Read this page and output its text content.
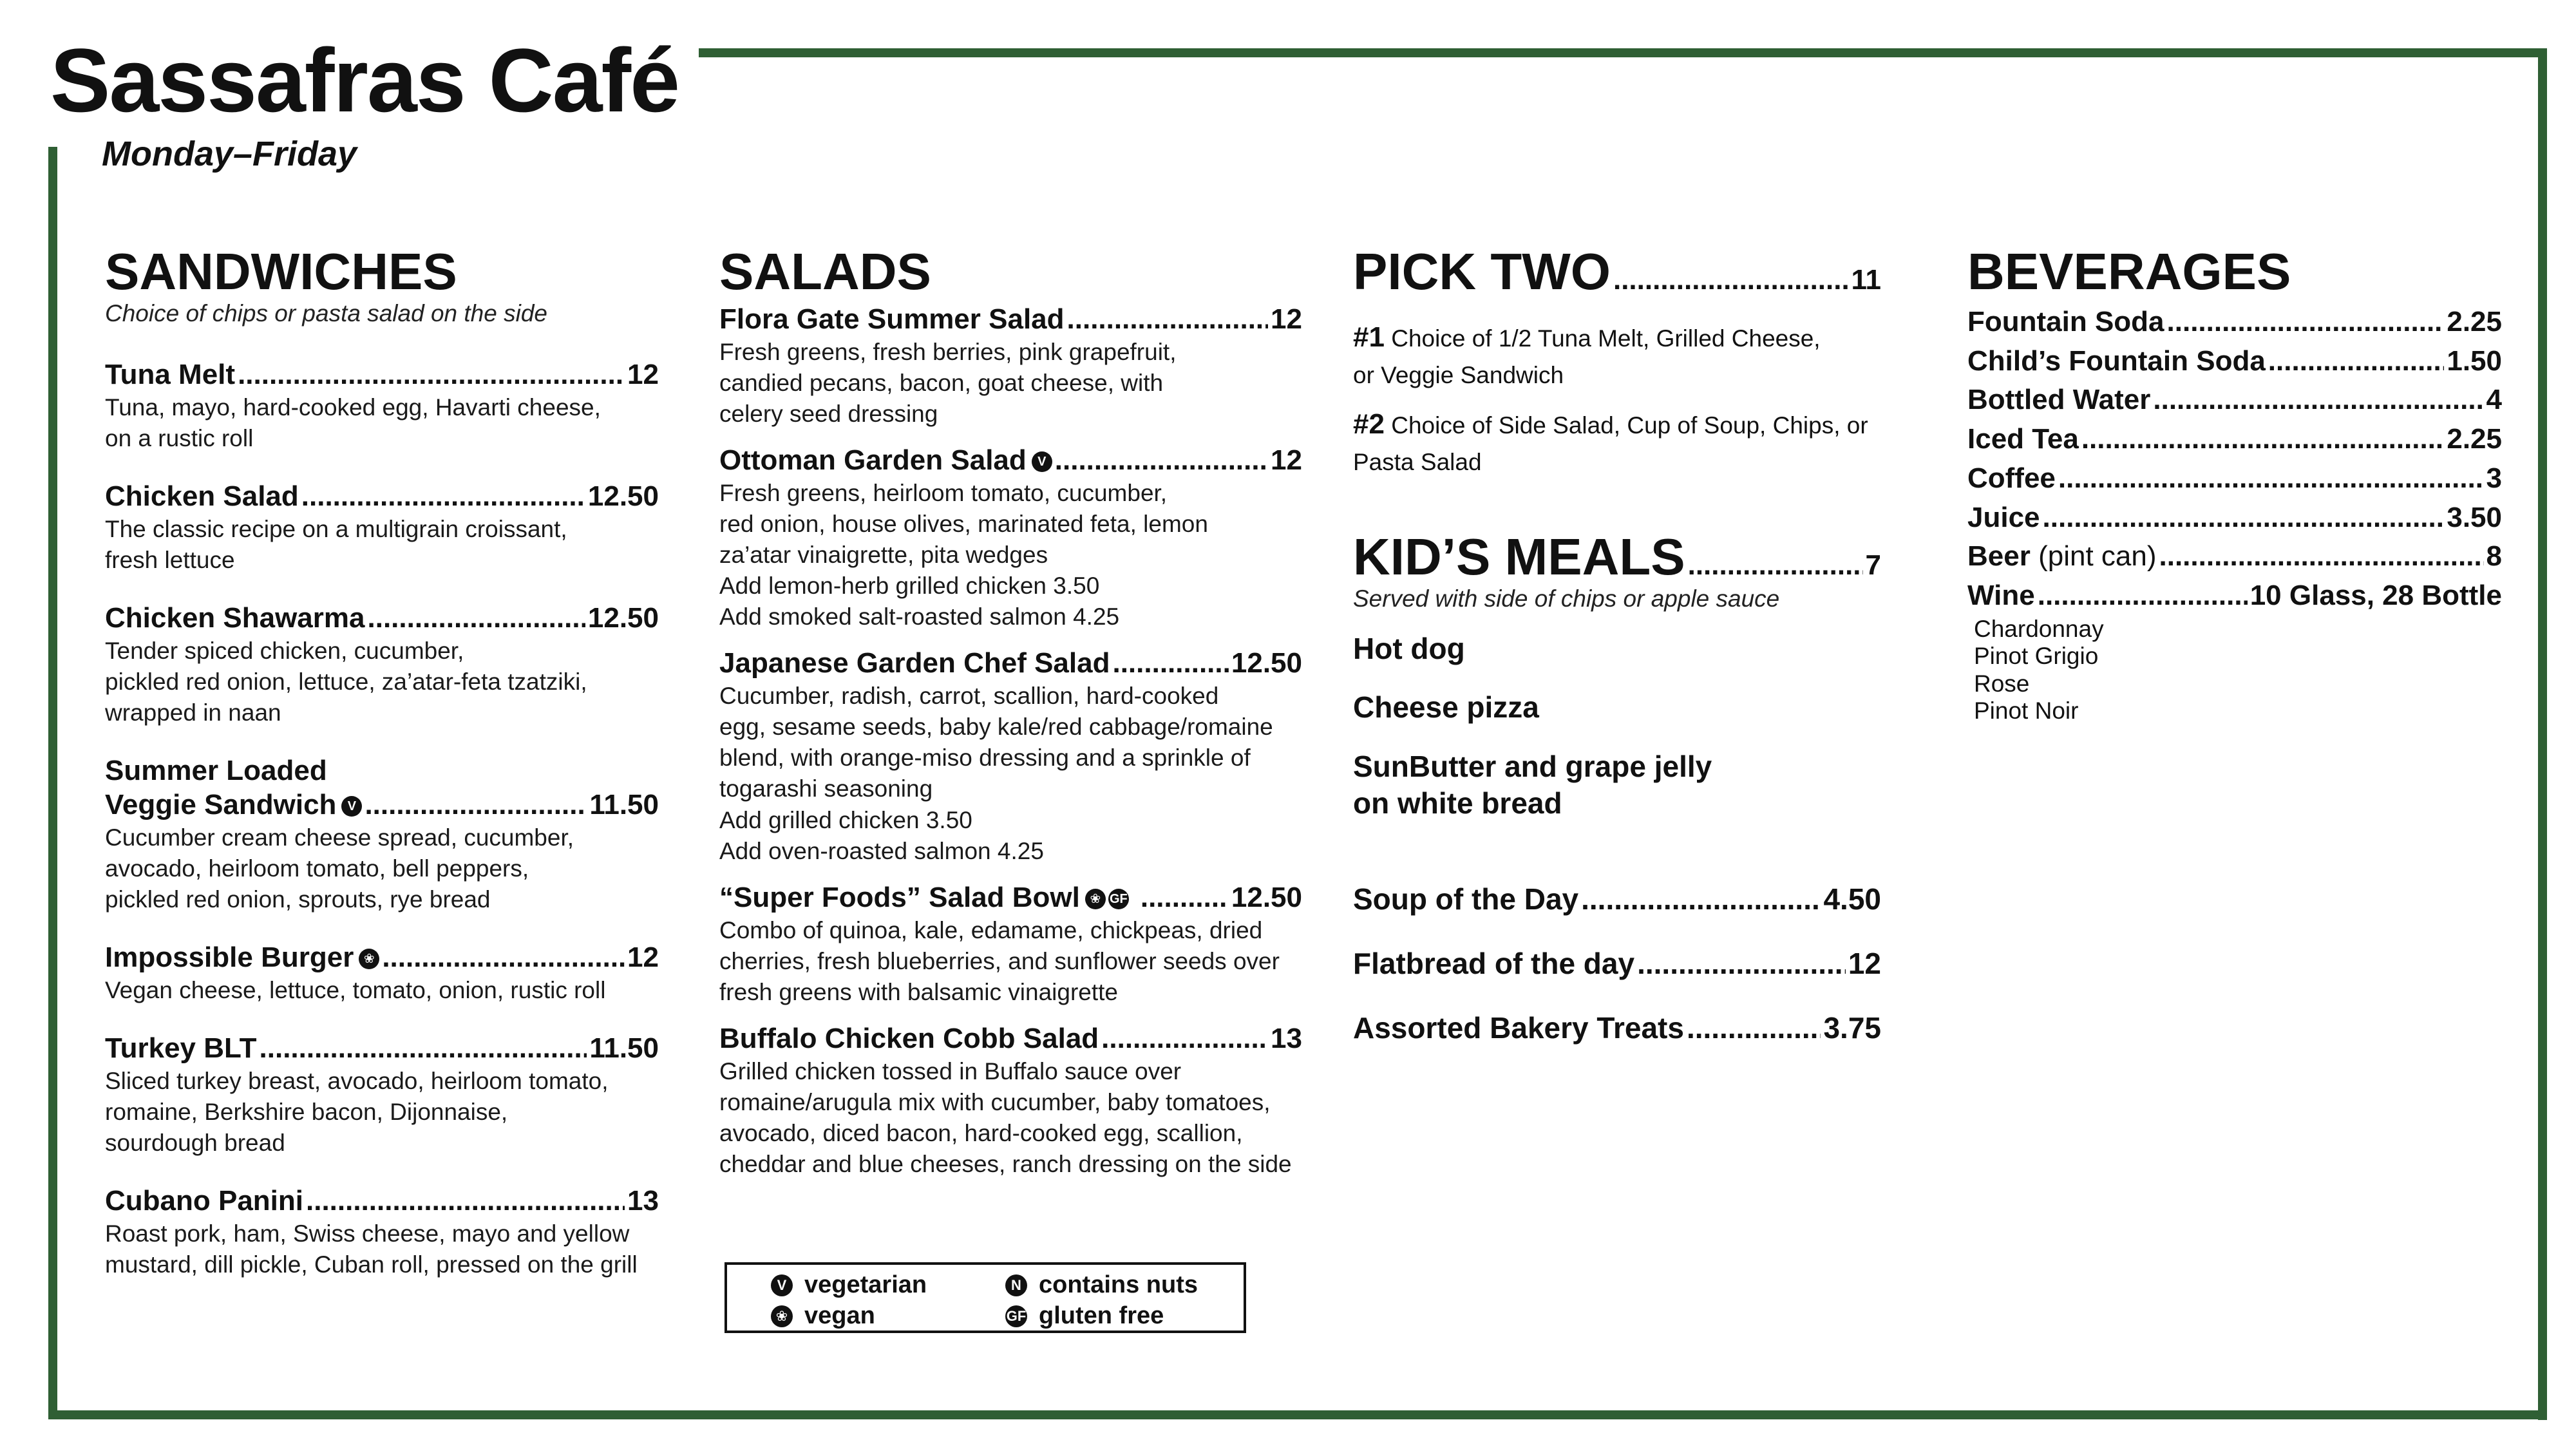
Sassafras Café
Monday–Friday
SANDWICHES
Choice of chips or pasta salad on the side
Tuna Melt .....	12
Tuna, mayo, hard-cooked egg, Havarti cheese,
on a rustic roll
Chicken Salad .....	12.50
The classic recipe on a multigrain croissant,
fresh lettuce
Chicken Shawarma .....	12.50
Tender spiced chicken, cucumber,
pickled red onion, lettuce, za’atar-feta tzatziki,
wrapped in naan
Summer Loaded
Veggie Sandwich V .....	11.50
Cucumber cream cheese spread, cucumber,
avocado, heirloom tomato, bell peppers,
pickled red onion, sprouts, rye bread
Impossible Burger ❀ .....	12
Vegan cheese, lettuce, tomato, onion, rustic roll
Turkey BLT .....	11.50
Sliced turkey breast, avocado, heirloom tomato,
romaine, Berkshire bacon, Dijonnaise,
sourdough bread
Cubano Panini .....	13
Roast pork, ham, Swiss cheese, mayo and yellow
mustard, dill pickle, Cuban roll, pressed on the grill
SALADS
Flora Gate Summer Salad .....	12
Fresh greens, fresh berries, pink grapefruit,
candied pecans, bacon, goat cheese, with
celery seed dressing
Ottoman Garden Salad V .....	12
Fresh greens, heirloom tomato, cucumber,
red onion, house olives, marinated feta, lemon
za’atar vinaigrette, pita wedges
Add lemon-herb grilled chicken 3.50
Add smoked salt-roasted salmon 4.25
Japanese Garden Chef Salad .....	12.50
Cucumber, radish, carrot, scallion, hard-cooked
egg, sesame seeds, baby kale/red cabbage/romaine
blend, with orange-miso dressing and a sprinkle of
togarashi seasoning
Add grilled chicken 3.50
Add oven-roasted salmon 4.25
“Super Foods” Salad Bowl ❀ GF .....	12.50
Combo of quinoa, kale, edamame, chickpeas, dried
cherries, fresh blueberries, and sunflower seeds over
fresh greens with balsamic vinaigrette
Buffalo Chicken Cobb Salad .....	13
Grilled chicken tossed in Buffalo sauce over
romaine/arugula mix with cucumber, baby tomatoes,
avocado, diced bacon, hard-cooked egg, scallion,
cheddar and blue cheeses, ranch dressing on the side
V vegetarian
❀ vegan
N contains nuts
GF gluten free
PICK TWO .....	11
#1 Choice of 1/2 Tuna Melt, Grilled Cheese,
or Veggie Sandwich
#2 Choice of Side Salad, Cup of Soup, Chips, or
Pasta Salad
KID’S MEALS .....	7
Served with side of chips or apple sauce
Hot dog
Cheese pizza
SunButter and grape jelly
on white bread
Soup of the Day .....	4.50
Flatbread of the day .....	12
Assorted Bakery Treats .....	3.75
BEVERAGES
Fountain Soda .....	2.25
Child’s Fountain Soda .....	1.50
Bottled Water .....	4
Iced Tea .....	2.25
Coffee .....	3
Juice .....	3.50
Beer (pint can) .....	8
Wine .....	10 Glass, 28 Bottle
Chardonnay
Pinot Grigio
Rose
Pinot Noir
